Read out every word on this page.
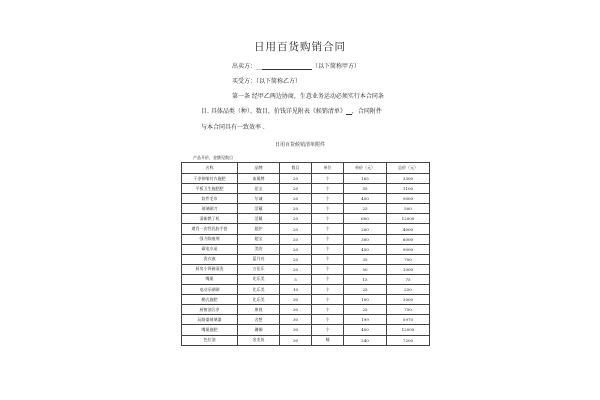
日用百货购销合同
出卖方：__	（以下简称甲方）
买受方：（以下简称乙方）
第一条 经甲乙两边协商，生意业务运动必须实行本合同条
目. 具体品类（种）、数目，价钱详见附表《候销清单》 ，合同附件
与本合同具有一致效率 ．
日用百货候销清单附件
产品开价，金额见数目
名称	品牌	数目	单位	单价（元）	总价（元）
干净伸缩衬衣施肥	雀巢牌	20	个	165	3300
平板卫生施肥肥	佳宝	20	个	55	1100
软件毛巾	尔诚	20	个	450	9000
玻璃刷刀	活戴	20	个	25	500
清新燃了机	活戴	20	个	600	12000
邋肖一次性乳胶手套	超炉	20	个	200	4000
强力除痕剂	超宝	20	个	300	6000
碳电水桌	美的	20	个	450	9000
洗衣液	蓝月亮	20	个	35	700
厨房小饼碗清洗	万佳乐	20	个	50	1000
嘴巢	比乐美	5	个	15	75
电动牙刷刷	比乐美	10	个	25	250
鞘式施肥	比乐美	30	个	100	3000
厨窗油污净	康视	30	个	25	750
玩路器玻璃器	舍想	30	个	199	5970
嘴巢施肥	珊娴	30	个	400	12000
色拉油	金龙鱼	30	桶	240	7200
